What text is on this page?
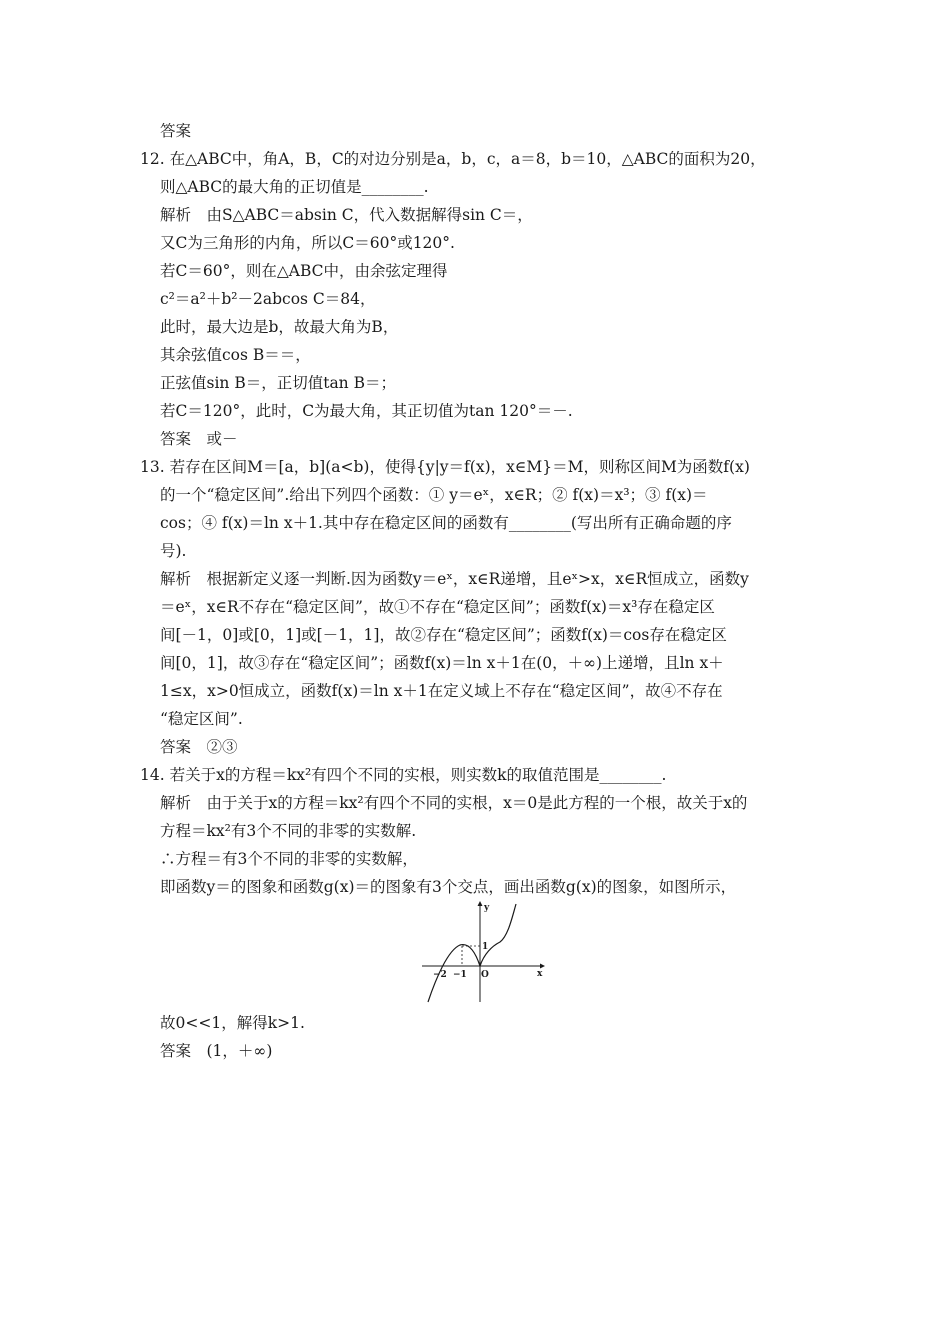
答案
12. 在△ABC中，角A，B，C的对边分别是a，b，c，a＝8，b＝10，△ABC的面积为20，
则△ABC的最大角的正切值是________.
解析　由S△ABC＝absin C，代入数据解得sin C＝，
又C为三角形的内角，所以C＝60°或120°.
若C＝60°，则在△ABC中，由余弦定理得
c²＝a²＋b²－2abcos C＝84，
此时，最大边是b，故最大角为B，
其余弦值cos B＝＝，
正弦值sin B＝，正切值tan B＝；
若C＝120°，此时，C为最大角，其正切值为tan 120°＝－.
答案　或－
13. 若存在区间M＝[a，b](a<b)，使得{y|y＝f(x)，x∈M}＝M，则称区间M为函数f(x)
的一个“稳定区间”.给出下列四个函数：① y＝eˣ，x∈R；② f(x)＝x³；③ f(x)＝
cos；④ f(x)＝ln x＋1.其中存在稳定区间的函数有________(写出所有正确命题的序
号).
解析　根据新定义逐一判断.因为函数y＝eˣ，x∈R递增，且eˣ>x，x∈R恒成立，函数y
＝eˣ，x∈R不存在“稳定区间”，故①不存在“稳定区间”；函数f(x)＝x³存在稳定区
间[－1，0]或[0，1]或[－1，1]，故②存在“稳定区间”；函数f(x)＝cos存在稳定区
间[0，1]，故③存在“稳定区间”；函数f(x)＝ln x＋1在(0，＋∞)上递增，且ln x＋
1≤x，x>0恒成立，函数f(x)＝ln x＋1在定义域上不存在“稳定区间”，故④不存在
“稳定区间”.
答案　②③
14. 若关于x的方程＝kx²有四个不同的实根，则实数k的取值范围是________.
解析　由于关于x的方程＝kx²有四个不同的实根，x＝0是此方程的一个根，故关于x的
方程＝kx²有3个不同的非零的实数解.
∴方程＝有3个不同的非零的实数解，
即函数y＝的图象和函数g(x)＝的图象有3个交点，画出函数g(x)的图象，如图所示，
y
x
O
−2 −1
1
故0<<1，解得k>1.
答案　(1，＋∞)
